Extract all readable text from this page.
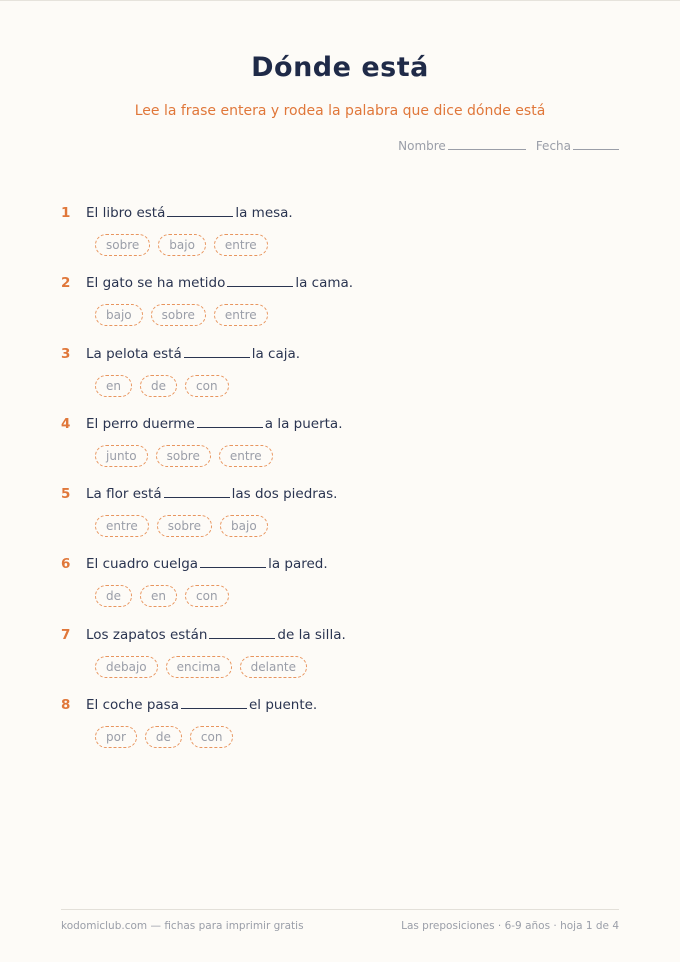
Dónde está
Lee la frase entera y rodea la palabra que dice dónde está
Nombre	Fecha
1	El libro está	la mesa.
sobre	bajo	entre
2	El gato se ha metido	la cama.
bajo	sobre	entre
3	La pelota está	la caja.
en	de	con
4	El perro duerme	a la puerta.
junto	sobre	entre
5	La flor está	las dos piedras.
entre	sobre	bajo
6	El cuadro cuelga	la pared.
de	en	con
7	Los zapatos están	de la silla.
debajo	encima	delante
8	El coche pasa	el puente.
por	de	con
kodomiclub.com — fichas para imprimir gratis	Las preposiciones · 6-9 años · hoja 1 de 4
